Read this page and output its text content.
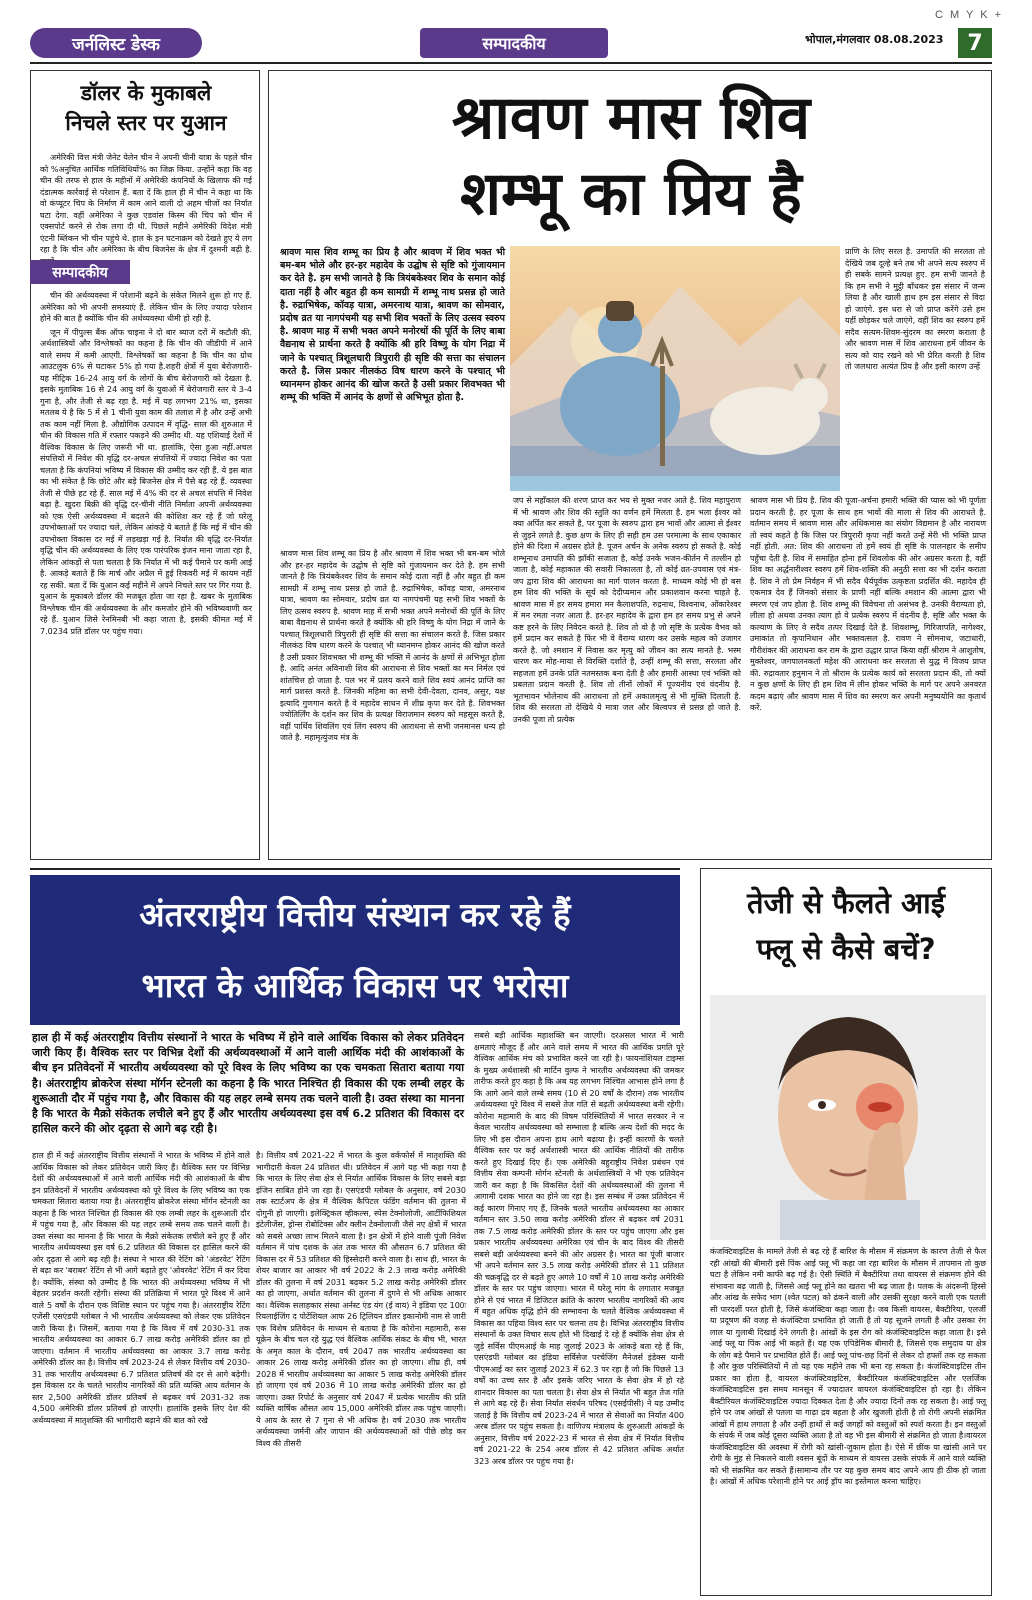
C M Y K +
जर्नलिस्ट डेस्क	सम्पादकीय	भोपाल,मंगलवार 08.08.2023	7
डॉलर के मुकाबले
निचले स्तर पर युआन

अमेरिकी वित्त मंत्री जेनेट येलेन चीन ने अपनी चीनी यात्रा के पहले चीन को %अनुचित आर्थिक गतिविधियों% का जिक्र किया. उन्होंने कहा कि वह चीन की तरफ से हाल के महीनों में अमेरिकी कंपनियों के खिलाफ की गई दंडात्मक कार्रवाई से परेशान हैं. बता दें कि हाल ही में चीन ने कहा था कि वो कंप्यूटर चिप के निर्माण में काम आने वाली दो अहम चीजों का निर्यात घटा देगा. वहीं अमेरिका ने कुछ एडवांस किस्म की चिप को चीन में एक्सपोर्ट करने से रोक लगा दी थी. पिछले महीने अमेरिकी विदेश मंत्री एंटनी ब्लिंकन भी चीन पहुंचे थे. हाल के इन घटनाक्रम को देखते हुए ये लग रहा है कि चीन और अमेरिका के बीच बिजनेस के क्षेत्र में दुश्मनी बढ़ी है.

सम्पादकीय

चीन की अर्थव्यवस्था में परेशानी बढ़ने के संकेत मिलने शुरू हो गए हैं. अमेरिका को भी अपनी समस्याएं हैं. लेकिन चीन के लिए ज्यादा परेशान होने की बात है क्योंकि चीन की अर्थव्यवस्था धीमी हो रही है.

जून में पीपुल्स बैंक ऑफ चाइना ने दो बार ब्याज दरों में कटौती की. अर्थशास्त्रियों और विश्लेषकों का कहना है कि चीन की जीडीपी में आने वाले समय में कमी आएगी. विश्लेषकों का कहना है कि चीन का ग्रोथ आउटलुक 6% से घटाकर 5% हो गया है.शहरी क्षेत्रों में युवा बेरोजगारी-यह मीट्रिक 16-24 आयु वर्ग के लोगों के बीच बेरोजगारी को देखता है. इसके मुताबिक 16 से 24 आयु वर्ग के युवाओं में बेरोजगारी स्तर ये 3-4 गुना है, और तेजी से बढ़ रहा है. मई में यह लगभग 21% था, इसका मतलब ये है कि 5 में से 1 चीनी युवा काम की तलाश में है और उन्हें अभी तक काम नहीं मिला है. औद्योगिक उत्पादन में वृद्धि- साल की शुरुआत में चीन की विकास गति में रफ्तार पकड़ने की उम्मीद थी. यह एशियाई देशों में वैश्विक विकास के लिए जरूरी भी था. हालांकि, ऐसा हुआ नहीं.अचल संपत्तियों में निवेश की वृद्धि दर-अचल संपत्तियों में ज्यादा निवेश का पता चलता है कि कंपनियां भविष्य में विकास की उम्मीद कर रही हैं. ये इस बात का भी संकेत है कि छोटे और बड़े बिजनेस क्षेत्र में पैसे बढ़ रहे हैं. व्यवस्था तेजी से पीछे हट रहे हैं. साल मई में 4% की दर से अचल संपत्ति में निवेश बढ़ा है. खुदरा बिक्री की वृद्धि दर-चीनी नीति निर्माता अपनी अर्थव्यवस्था को एक ऐसी अर्थव्यवस्था में बदलने की कोशिश कर रहे हैं जो घरेलू उपभोक्ताओं पर ज्यादा चले, लेकिन आंकड़े ये बताते हैं कि मई में चीन की उपभोक्ता विकास दर मई में लड़खड़ा गई है. निर्यात की वृद्धि दर-निर्यात वृद्धि चीन की अर्थव्यवस्था के लिए एक पारंपरिक इंजन माना जाता रहा है, लेकिन आंकड़ों से पता चलता है कि निर्यात में भी कई पैमाने पर कमी आई है. आकड़े बताते हैं कि मार्च और अप्रैल में हुई रिकवरी मई में कायम नहीं रह सकी. बता दें कि युआन कई महीने में अपने निचले स्तर पर गिर गया है. युआन के मुकाबले डॉलर की मजबूत होता जा रहा है. खबर के मुताबिक विश्लेषक चीन की अर्थव्यवस्था के और कमजोर होने की भविष्यवाणी कर रहे हैं. युआन जिसे रेनमिनबी भी कहा जाता है, इसकी कीमत मई में 7.0234 प्रति डॉलर पर पहुंच गया।

श्रावण मास शिव
शम्भू का प्रिय है
श्रावण मास शिव शम्भू का प्रिय है और श्रावण में शिव भक्त भी बम-बम भोले और हर-हर महादेव के उद्घोष से सृष्टि को गुंजायमान कर देते है. हम सभी जानते है कि त्रियंबकेश्वर शिव के समान कोई दाता नहीं है और बहुत ही कम सामग्री में शम्भू नाथ प्रसन्न हो जाते है. रुद्राभिषेक, कॉवड़ यात्रा, अमरनाथ यात्रा, श्रावण का सोमवार, प्रदोष व्रत या नागपंचमी यह सभी शिव भक्तों के लिए उत्सव स्वरुप है. श्रावण माह में सभी भक्त अपने मनोरथों की पूर्ति के लिए बाबा वैद्यनाथ से प्रार्थना करते है क्योंकि श्री हरि विष्णु के योग निद्रा में जाने के पश्चात् त्रिशूलधारी त्रिपुरारी ही सृष्टि की सत्ता का संचालन करते है. जिस प्रकार नीलकंठ विष धारण करने के पश्चात् भी ध्यानमग्न होकर आनंद की खोज करते है उसी प्रकार शिवभक्त भी शम्भू की भक्ति में आनंद के क्षणों से अभिभूत होता है.
प्राणि के लिए सरल है. उमापति की सरलता तो देखिये जब दूल्हे बने तब भी अपने सत्य स्वरुप में ही सबके सामने प्रत्यक्ष हुए. हम सभी जानते है कि हम सभी ने मुट्ठी बाँधकर इस संसार में जन्म लिया है और खाली हाथ हम इस संसार से विदा हो जाएंगे. इस धरा से जो प्राप्त करेंगे उसे हम यहीं छोड़कर चले जाएंगे, वहीं शिव का स्वरुप हमें सदैव सत्यम-शिवम-सुंदरम का स्मरण कराता है और श्रावण मास में शिव आराधना हमें जीवन के सत्य को याद रखने को भी प्रेरित करती है शिव तो जलधारा अत्यंत प्रिय है और इसी कारण उन्हें
श्रावण मास शिव शम्भू का प्रिय है और श्रावण में शिव भक्त भी बम-बम भोले और हर-हर महादेव के उद्घोष से सृष्टि को गुंजायमान कर देते है. हम सभी जानते है कि त्रियंबकेश्वर शिव के समान कोई दाता नहीं है और बहुत ही कम सामग्री में शम्भू नाथ प्रसन्न हो जाते है. रुद्राभिषेक, कॉवड़ यात्रा, अमरनाथ यात्रा, श्रावण का सोमवार, प्रदोष व्रत या नागपंचमी यह सभी शिव भक्तों के लिए उत्सव स्वरुप है. श्रावण माह में सभी भक्त अपने मनोरथों की पूर्ति के लिए बाबा वैद्यनाथ से प्रार्थना करते है क्योंकि श्री हरि विष्णु के योग निद्रा में जाने के पश्चात् त्रिशूलधारी त्रिपुरारी ही सृष्टि की सत्ता का संचालन करते है. जिस प्रकार नीलकंठ विष धारण करने के पश्चात् भी ध्यानमग्न होकर आनंद की खोज करते है उसी प्रकार शिवभक्त भी शम्भू की भक्ति में आनंद के क्षणों से अभिभूत होता है. आदि अनंत अविनाशी शिव की आराधना से शिव भक्तों का मन निर्मल एवं शांतचित्त हो जाता है. पल भर में प्रलय करने वाले शिव स्वयं आनंद प्राप्ति का मार्ग प्रशस्त करते है. जिनकी महिमा का सभी देवी-देवता, दानव, असुर, यक्ष इत्यादि गुणगान करते है वे महादेव साधन में शीघ्र कृपा कर देते है. शिवभक्त ज्योतिर्लिंग के दर्शन कर शिव के प्रत्यक्ष विराजमान स्वरुप को महसूस करते है, वहीं पार्थिव शिवलिंग एवं लिंग स्वरुप की आराधना से सभी जनमानस धन्य हो जाते है. महामृत्युंजय मंत्र के
जप से महाँकाल की शरण प्राप्त कर भय से मुक्त नजर आते है. शिव महापुराण में भी श्रावण और शिव की स्तुति का वर्णन हमें मिलता है. हम भला ईश्वर को क्या अर्पित कर सकते है, पर पूजा के स्वरुप द्वारा हम भावों और आत्मा से ईश्वर से जुड़ने लगते है. कुछ क्षण के लिए ही सही हम उस परमात्मा के साथ एकाकार होने की दिशा में अग्रसर होते है. पूजन अर्चन के अनेक स्वरुप हो सकते है. कोई शम्भूनाथ उमापति की झाँकी सजाता है, कोई उनके भजन-कीर्तन में तल्लीन हो जाता है, कोई महाकाल की सवारी निकालता है, तो कोई व्रत-उपवास एवं मंत्र-जप द्वारा शिव की आराधना का मार्ग पालन करता है. माध्यम कोई भी हो बस हम शिव की भक्ति के सूर्य को देदीप्यमान और प्रकाशवान करना चाहते है. श्रावण मास में हर समय हमारा मन कैलाशपति, रुद्रनाथ, विश्वनाथ, ओंकारेश्वर में मन रमता नजर आता है. हर-हर महादेव के द्वारा हम हर समय प्रभु से अपने कष्ट हरने के लिए निवेदन करते है. शिव तो वो है जो सृष्टि के प्रत्येक वैभव को हमें प्रदान कर सकते है फिर भी वे वैराग्य धारण कर उसके महत्व को उजागर करते है. जो श्मशान में निवास कर मृत्यु को जीवन का सत्य मानते है. भस्म धारण कर मोह-माया से विरक्ति दर्शाते है, उन्हीं शम्भू की सत्ता, सरलता और सहजता हमें उनके प्रति नतमस्तक बना देती है और हमारी आस्था एवं भक्ति को प्रबलता प्रदान करती है. शिव तो तीनों लोकों में पूज्यनीय एवं वंदनीय है. भूतभावन भोलेनाथ की आराधना तो हमें अकालमृत्यु से भी मुक्ति दिलाती है. शिव की सरलता तो देखिये ये मात्रा जल और बिल्वपत्र से प्रसन्न हो जाते है. उनकी पूजा तो प्रत्येक
श्रावण मास भी प्रिय है. शिव की पूजा-अर्चना हमारी भक्ति की प्यास को भी पूर्णता प्रदान करती है. हर पूजा के साथ हम भावों की माला से शिव की आराधते है. वर्तमान समय में श्रावण मास और अधिकमास का संयोग विद्यमान है और नारायण तो स्वयं कहते है कि जिस पर त्रिपुरारी कृपा नहीं करते उन्हें मेरी भी भक्ति प्राप्त नहीं होती. अत: शिव की आराधना तो हमें स्वयं ही सृष्टि के पालनहार के समीप पहुँचा देती है. शिव में समाहित होना हमें शिवलोक की ओर अग्रसर करता है, वहीं शिव का अर्द्धनारीश्वर स्वरुप हमें शिव-शक्ति की अनुठी सत्ता का भी दर्शन कराता है. शिव ने तो प्रेम निर्वहन में भी सदैव धैर्यपूर्वक उत्कृष्टता प्रदर्शित की. महादेव ही एकमात्र देव हैं जिनको संसार के प्राणी नहीं बल्कि श्मशान की आत्मा द्वारा भी स्मरण एवं जप होता है. शिव शम्भू की विवेचना तो असंभव है. उनकी वैराग्यता हो, लीला हो अथवा उनका त्याग हो वे प्रत्येक स्वरुप में वंदनीय है. सृष्टि और भक्त के कल्याण के लिए वे सदैव तत्पर दिखाई देते है. शिवशम्भू, गिरिजापति, नागेश्वर, उमाकांत तो कृपानिधान और भक्तवत्सल है. रावण ने सोमनाथ, जटाधारी, गौरीशंकर की आराधना कर राम के द्वारा उद्धार प्राप्त किया वहीं श्रीराम ने आशुतोष, मुक्तेश्वर, जगपालनकर्ता महेश की आराधना कर सरलता से युद्ध में विजय प्राप्त की. रुद्रावतार हनुमान ने तो श्रीराम के प्रत्येक कार्य को सरलता प्रदान की, तो क्यों न कुछ क्षणों के लिए ही हम शिव में लीन होकर भक्ति के मार्ग पर अपने अनवरत कदम बढ़ाएं और श्रावण मास में शिव का स्मरण कर अपनी मनुष्ययोनि का कृतार्थ करें.
अंतरराष्ट्रीय वित्तीय संस्थान कर रहे हैं
भारत के आर्थिक विकास पर भरोसा
हाल ही में कई अंतरराष्ट्रीय वित्तीय संस्थानों ने भारत के भविष्य में होने वाले आर्थिक विकास को लेकर प्रतिवेदन जारी किए हैं। वैश्विक स्तर पर विभिन्न देशों की अर्थव्यवस्थाओं में आने वाली आर्थिक मंदी की आशंकाओं के बीच इन प्रतिवेदनों में भारतीय अर्थव्यवस्था को पूरे विश्व के लिए भविष्य का एक चमकता सितारा बताया गया है। अंतरराष्ट्रीय ब्रोकरेज संस्था मॉर्गन स्टेनली का कहना है कि भारत निश्चित ही विकास की एक लम्बी लहर के शुरूआती दौर में पहुंच गया है, और विकास की यह लहर लम्बे समय तक चलने वाली है। उक्त संस्था का मानना है कि भारत के मैक्रो संकेतक लचीले बने हुए हैं और भारतीय अर्थव्यवस्था इस वर्ष 6.2 प्रतिशत की विकास दर हासिल करने की ओर दृढ़ता से आगे बढ़ रही है।
हाल ही में कई अंतरराष्ट्रीय वित्तीय संस्थानों ने भारत के भविष्य में होने वाले आर्थिक विकास को लेकर प्रतिवेदन जारी किए हैं। वैश्विक स्तर पर विभिन्न देशों की अर्थव्यवस्थाओं में आने वाली आर्थिक मंदी की आशंकाओं के बीच इन प्रतिवेदनों में भारतीय अर्थव्यवस्था को पूरे विश्व के लिए भविष्य का एक चमकता सितारा बताया गया है। अंतरराष्ट्रीय ब्रोकरेज संस्था मॉर्गन स्टेनली का कहना है कि भारत निश्चित ही विकास की एक लम्बी लहर के शुरूआती दौर में पहुंच गया है, और विकास की यह लहर लम्बे समय तक चलने वाली है। उक्त संस्था का मानना है कि भारत के मैक्रो संकेतक लचीले बने हुए हैं और भारतीय अर्थव्यवस्था इस वर्ष 6.2 प्रतिशत की विकास दर हासिल करने की ओर दृढ़ता से आगे बढ़ रही है। संस्था ने भारत की रेटिंग को 'अंडरवेट' रेटिंग से बढ़ा कर 'बराबर' रेटिंग से भी आगे बढ़ाते हुए 'ओवरवेट' रेटिंग में कर दिया है। क्योंकि, संस्था को उम्मीद है कि भारत की अर्थव्यवस्था भविष्य में भी बेहतर प्रदर्शन करती रहेगी। संस्था की प्रतिक्रिया में भारत पूरे विश्व में आने वाले 5 वर्षों के दौरान एक विशिष्ट स्थान पर पहुंच गया है। अंतरराष्ट्रीय रेटिंग एजेंसी एसएंडपी ग्लोबल ने भी भारतीय अर्थव्यवस्था को लेकर एक प्रतिवेदन जारी किया है। जिसमें, बताया गया है कि विश्व में वर्ष 2030-31 तक भारतीय अर्थव्यवस्था का आकार 6.7 लाख करोड़ अमेरिकी डॉलर का हो जाएगा। वर्तमान में भारतीय अर्थव्यवस्था का आकार 3.7 लाख करोड़ अमेरिकी डॉलर का है। वित्तीय वर्ष 2023-24 से लेकर वित्तीय वर्ष 2030-31 तक भारतीय अर्थव्यवस्था 6.7 प्रतिशत प्रतिवर्ष की दर से आगे बढ़ेगी। इस विकास दर के चलते भारतीय नागरिकों की प्रति व्यक्ति आय वर्तमान के स्तर 2,500 अमेरिकी डॉलर प्रतिवर्ष से बढ़कर वर्ष 2031-32 तक 4,500 अमेरिकी डॉलर प्रतिवर्ष हो जाएगी। हालांकि इसके लिए देश की अर्थव्यवस्था में मातृशक्ति की भागीदारी बढ़ाने की बात को रखे
है। वित्तीय वर्ष 2021-22 में भारत के कुल वर्कफोर्स में मातृशक्ति की भागीदारी केवल 24 प्रतिशत थी। प्रतिवेदन में आगे यह भी कहा गया है कि भारत के लिए सेवा क्षेत्र से निर्यात आर्थिक विकास के लिए सबसे बड़ा इंजिन साबित होने जा रहा है। एसएंडपी ग्लोबल के अनुसार, वर्ष 2030 तक स्टार्टअप के क्षेत्र में वैश्विक कैपिटल फंडिंग वर्तमान की तुलना में दोगुनी हो जाएगी। इलेक्ट्रिकल व्हीकल्स, स्पेस टेक्नोलोजी, आर्टीफिशियल इंटेलीजेंस, ड्रोन्स रोबोटिक्स और क्लीन टेक्नोलाजी जैसे नए क्षेत्रों में भारत को सबसे अच्छा लाभ मिलने वाला है। इन क्षेत्रों में होने वाली पूंजी निवेश वर्तमान में पांच दशक के अंत तक भारत की औसतन 6.7 प्रतिशत की विकास दर में 53 प्रतिशत की हिस्सेदारी करने वाला है। साथ ही, भारत के शेयर बाजार का आकार भी वर्ष 2022 के 2.3 लाख करोड़ अमेरिकी डॉलर की तुलना में वर्ष 2031 बढ़कर 5.2 लाख करोड़ अमेरिकी डॉलर का हो जाएगा, अर्थात वर्तमान की तुलना में दुगने से भी अधिक आकार का। वैश्विक सलाहकार संस्था अर्नस्ट एंड यंग (ई वाय) ने इंडिया एट 100ः रियलाईजिंग द पोटेंशियल आफ 26 ट्रिलियन डॉलर इकानोमी नाम से जारी एक विशेष प्रतिवेदन के माध्यम से बताया है कि कोरोना महामारी, रूस यूक्रेन के बीच चल रहे युद्ध एवं वैश्विक आर्थिक संकट के बीच भी, भारत के अमृत काल के दौरान, वर्ष 2047 तक भारतीय अर्थव्यवस्था का आकार 26 लाख करोड़ अमेरिकी डॉलर का हो जाएगा। शीघ्र ही, वर्ष 2028 में भारतीय अर्थव्यवस्था का आकार 5 लाख करोड़ अमेरिकी डॉलर हो जाएगा एवं वर्ष 2036 में 10 लाख करोड़ अमेरिकी डॉलर का हो जाएगा। उक्त रिपोर्ट के अनुसार वर्ष 2047 में प्रत्येक भारतीय की प्रति व्यक्ति वार्षिक औसत आय 15,000 अमेरिकी डॉलर तक पहुंच जाएगी। ये आय के स्तर से 7 गुना से भी अधिक है। वर्ष 2030 तक भारतीय अर्थव्यवस्था जर्मनी और जापान की अर्थव्यवस्थाओं को पीछे छोड़ कर विश्व की तीसरी
सबसे बड़ी आर्थिक महाशक्ति बन जाएगी। दरअसल भारत में भारी क्षमताएं मौजूद हैं और आने वाले समय में भारत की आर्थिक प्रगति पूरे वैश्विक आर्थिक मंच को प्रभावित करने जा रही है। फायनांशियल टाइम्स के मुख्य अर्थशास्त्री श्री मार्टिन वुल्फ ने भारतीय अर्थव्यवस्था की जमकर तारीफ करते हुए कहा है कि अब यह लगभग निश्चित आभास होने लगा है कि आगे आने वाले लम्बे समय (10 से 20 वर्षों के दौरान) तक भारतीय अर्थव्यवस्था पूरे विश्व में सबसे तेज गति से बढ़ती अर्थव्यवस्था बनी रहेगी। कोरोना महामारी के बाद की विषम परिस्थितियों में भारत सरकार ने न केवल भारतीय अर्थव्यवस्था को सम्भाला है बल्कि अन्य देशों की मदद के लिए भी इस दौरान अपना हाथ आगे बढ़ाया है। इन्हीं कारणों के चलते वैश्विक स्तर पर कई अर्थशास्त्री भारत की आर्थिक नीतियों की तारीफ करते हुए दिखाई दिए हैं। एक अमेरिकी बहुराष्ट्रीय निवेश प्रबंधन एवं वित्तीय सेवा कम्पनी मोर्गन स्टेनली के अर्थशास्त्रियों ने भी एक प्रतिवेदन जारी कर कहा है कि विकसित देशों की अर्थव्यवस्थाओं की तुलना में आगामी दशक भारत का होने जा रहा है। इस सम्बंध में उक्त प्रतिवेदन में कई कारण गिनाए गए हैं, जिनके चलते भारतीय अर्थव्यवस्था का आकार वर्तमान स्तर 3.50 लाख करोड़ अमेरिकी डॉलर से बढ़कर वर्ष 2031 तक 7.5 लाख करोड़ अमेरिकी डॉलर के स्तर पर पहुंच जाएगा और इस प्रकार भारतीय अर्थव्यवस्था अमेरिका एवं चीन के बाद विश्व की तीसरी सबसे बड़ी अर्थव्यवस्था बनने की ओर अग्रसर है। भारत का पूंजी बाजार भी अपने वर्तमान स्तर 3.5 लाख करोड़ अमेरिकी डॉलर से 11 प्रतिशत की चक्रवृद्धि दर से बढ़ते हुए अगले 10 वर्षों में 10 लाख करोड़ अमेरिकी डॉलर के स्तर पर पहुंच जाएगा। भारत में घरेलू मांग के लगातार मजबूत होने से एवं भारत में डिजिटल क्रांति के कारण भारतीय नागरिकों की आय में बहुत अधिक वृद्धि होने की सम्भावना के चलते वैश्विक अर्थव्यवस्था में विकास का पहिया विश्व स्तर पर चलना तय है। विभिन्न अंतरराष्ट्रीय वित्तीय संस्थानों के उक्त विचार सत्य होते भी दिखाई दे रहे हैं क्योंकि सेवा क्षेत्र से जुड़े सर्विस पीएमआई के माह जुलाई 2023 के आंकड़े बता रहे हैं कि, एसएंडपी ग्लोबल का इंडिया सर्विसेज परचेजिंग मैनेजर्स इंडेक्स यानी पीएमआई का स्तर जुलाई 2023 में 62.3 पर रहा है जो कि पिछले 13 वर्षों का उच्च स्तर है और इसके जरिए भारत के सेवा क्षेत्र में हो रहे शानदार विकास का पता चलता है। सेवा क्षेत्र से निर्यात भी बहुत तेज गति से आगे बढ़ रहे हैं। सेवा निर्यात संवर्धन परिषद (एसईपीसी) ने यह उम्मीद जताई है कि वित्तीय वर्ष 2023-24 में भारत से सेवाओं का निर्यात 400 अरब डॉलर पर पहुंच सकता है। वाणिज्य मंत्रालय के शुरुआती आंकड़ों के अनुसार, वित्तीय वर्ष 2022-23 में भारत से सेवा क्षेत्र में निर्यात वित्तीय वर्ष 2021-22 के 254 अरब डॉलर से 42 प्रतिशत अधिक अर्थात 323 अरब डॉलर पर पहुंच गया है।
तेजी से फैलते आई
फ्लू से कैसे बचें?
कंजक्टिवाइटिस के मामले तेजी से बढ़ रहे हैं बारिश के मौसम में संक्रमण के कारण तेजी से फैल रही आंखों की बीमारी इसे पिंक आई फ्लू भी कहा जा रहा बारिश के मौसम में तापमान तो कुछ घटा है लेकिन नमी काफी बढ़ गई है। ऐसी स्थिति में बैक्टीरिया तथा वायरस से संक्रमण होने की संभावना बढ़ जाती है, जिससे आई फ्लू होने का खतरा भी बढ़ जाता है। पलक के अंदरूनी हिस्से और आंख के सफेद भाग (श्वेत पटल) को ढंकने वाली और उसकी सुरक्षा करने वाली एक पतली सी पारदर्शी परत होती है, जिसे कंजंक्टिवा कहा जाता है। जब किसी वायरस, बैक्टीरिया, एलर्जी या प्रदूषण की वजह से कंजंक्टिवा प्रभावित हो जाती है तो यह सूजने लगती है और उसका रंग लाल या गुलाबी दिखाई देने लगती है। आंखों के इस रोग को कंजंक्टिवाइटिस कहा जाता है। इसे आई फ्लू या पिंक आई भी कहते हैं। यह एक एपिडेमिक बीमारी है, जिससे एक समुदाय या क्षेत्र के लोग बड़े पैमाने पर प्रभावित होते हैं। आई फ्लू पांच-छह दिनों से लेकर दो हफ्तों तक रह सकता है और कुछ परिस्थितियों में तो यह एक महीने तक भी बना रह सकता है। कंजंक्टिवाइटिस तीन प्रकार का होता है, वायरल कंजंक्टिवाइटिस, बैक्टीरियल कंजंक्टिवाइटिस और एलर्जिक कंजंक्टिवाइटिस इस समय मानसून में ज्यादातर वायरल कंजंक्टिवाइटिस हो रहा है। लेकिन बैक्टीरियल कंजंक्टिवाइटिस ज्यादा दिक्कत देता है और ज्यादा दिनों तक रह सकता है। आई फ्लू होने पर जब आंखों से पतला या गाढ़ा द्रव बहता है और खुजली होती है तो रोगी अपनी संक्रमित आंखों में हाथ लगाता है और उन्हीं हाथों से कई जगहों को वस्तुओं को स्पर्श करता है। इन वस्तुओं के संपर्क में जब कोई दूसरा व्यक्ति आता है तो वह भी इस बीमारी से संक्रमित हो जाता है।वायरल कंजंक्टिवाइटिस की अवस्था में रोगी को खांसी-जुकाम होता है। ऐसे में छींक या खांसी आने पर रोगी के मुंह से निकलने वाली श्वसन बूंदों के माध्यम से वायरस उसके संपर्क में आने वाले व्यक्ति को भी संक्रमित कर सकते हैं।सामान्य तौर पर यह कुछ समय बाद अपने आप ही ठीक हो जाता है। आंखों में अधिक परेशानी होने पर आई ड्रॉप का इस्तेमाल करना चाहिए।
